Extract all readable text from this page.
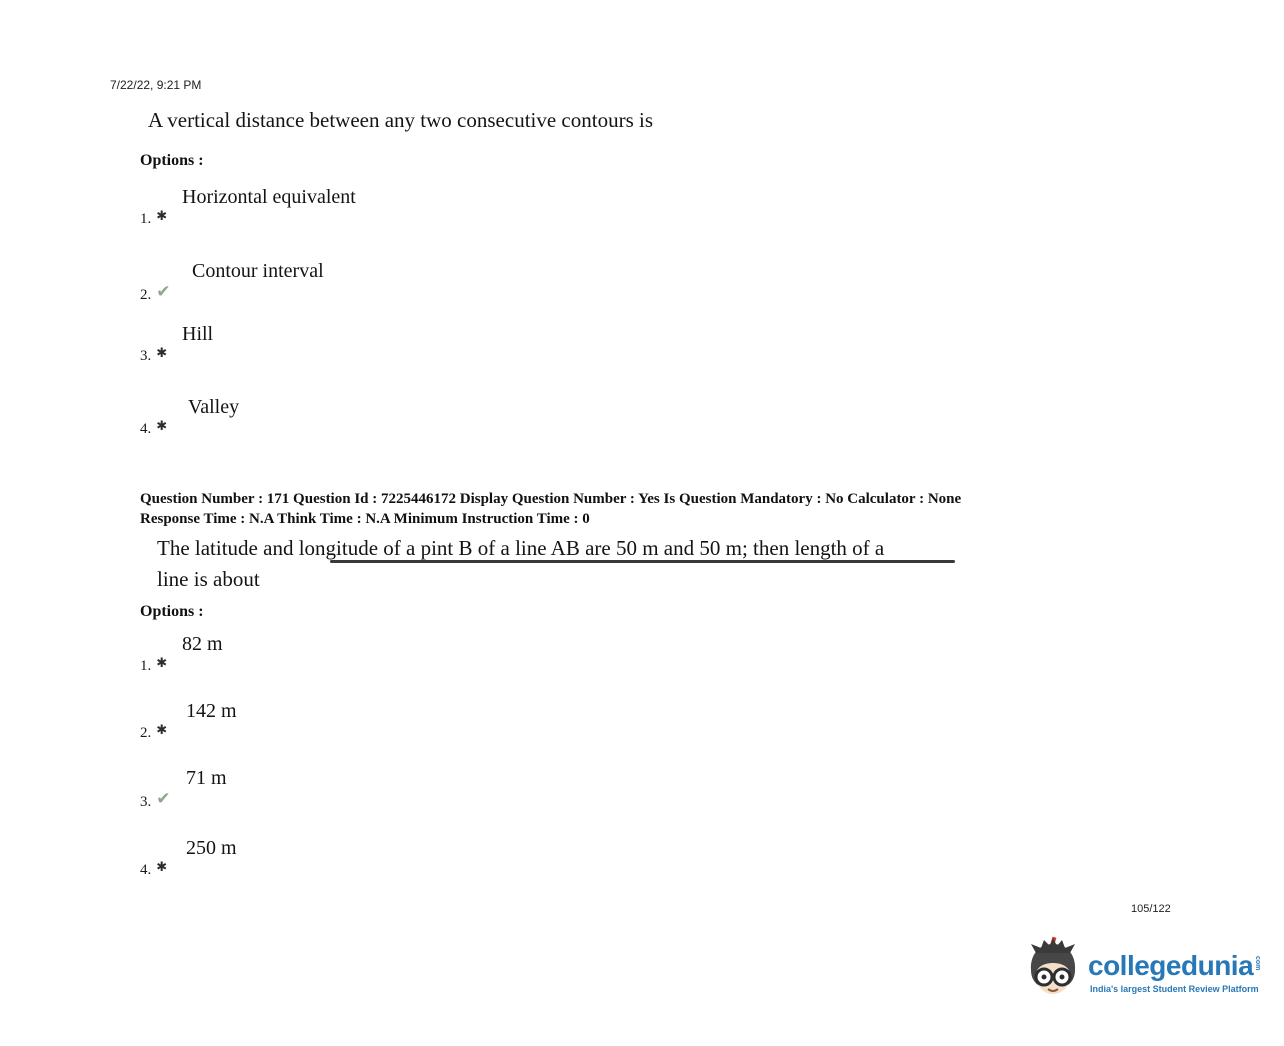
7/22/22, 9:21 PM
A vertical distance between any two consecutive contours is
Options :
Horizontal equivalent
1. ✱
Contour interval
2. ✔
Hill
3. ✱
Valley
4. ✱
Question Number : 171 Question Id : 7225446172 Display Question Number : Yes Is Question Mandatory : No Calculator : None
Response Time : N.A Think Time : N.A Minimum Instruction Time : 0
The latitude and longitude of a pint B of a line AB are 50 m and 50 m; then length of a
line is about
Options :
82 m
1. ✱
142 m
2. ✱
71 m
3. ✔
250 m
4. ✱
105/122
collegedunia com
India's largest Student Review Platform
